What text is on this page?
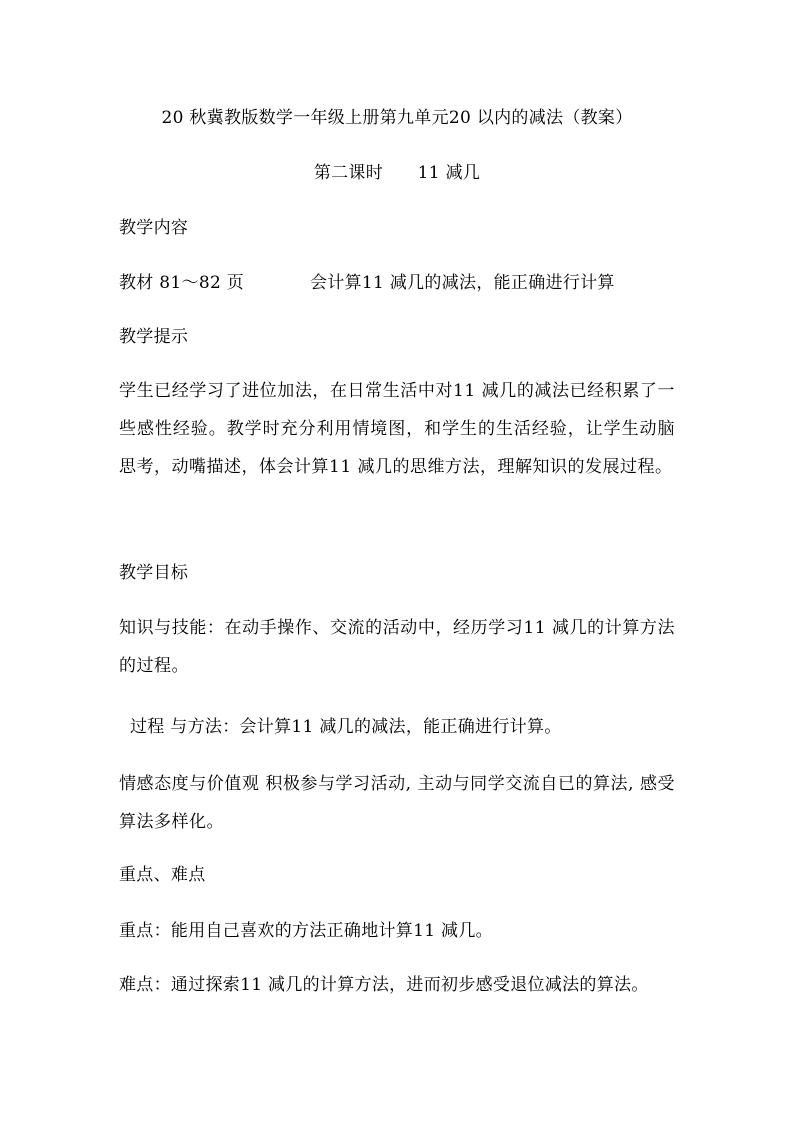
20 秋冀教版数学一年级上册第九单元20 以内的减法（教案）
第二课时　　11 减几
教学内容
教材 81～82 页	会计算11 减几的减法，能正确进行计算
教学提示
学生已经学习了进位加法，在日常生活中对11 减几的减法已经积累了一些感性经验。教学时充分利用情境图，和学生的生活经验，让学生动脑思考，动嘴描述，体会计算11 减几的思维方法，理解知识的发展过程。
教学目标
知识与技能：在动手操作、交流的活动中，经历学习11 减几的计算方法的过程。
过程 与方法：会计算11 减几的减法，能正确进行计算。
情感态度与价值观 积极参与学习活动, 主动与同学交流自已的算法, 感受算法多样化。
重点、难点
重点：能用自己喜欢的方法正确地计算11 减几。
难点：通过探索11 减几的计算方法，进而初步感受退位减法的算法。
